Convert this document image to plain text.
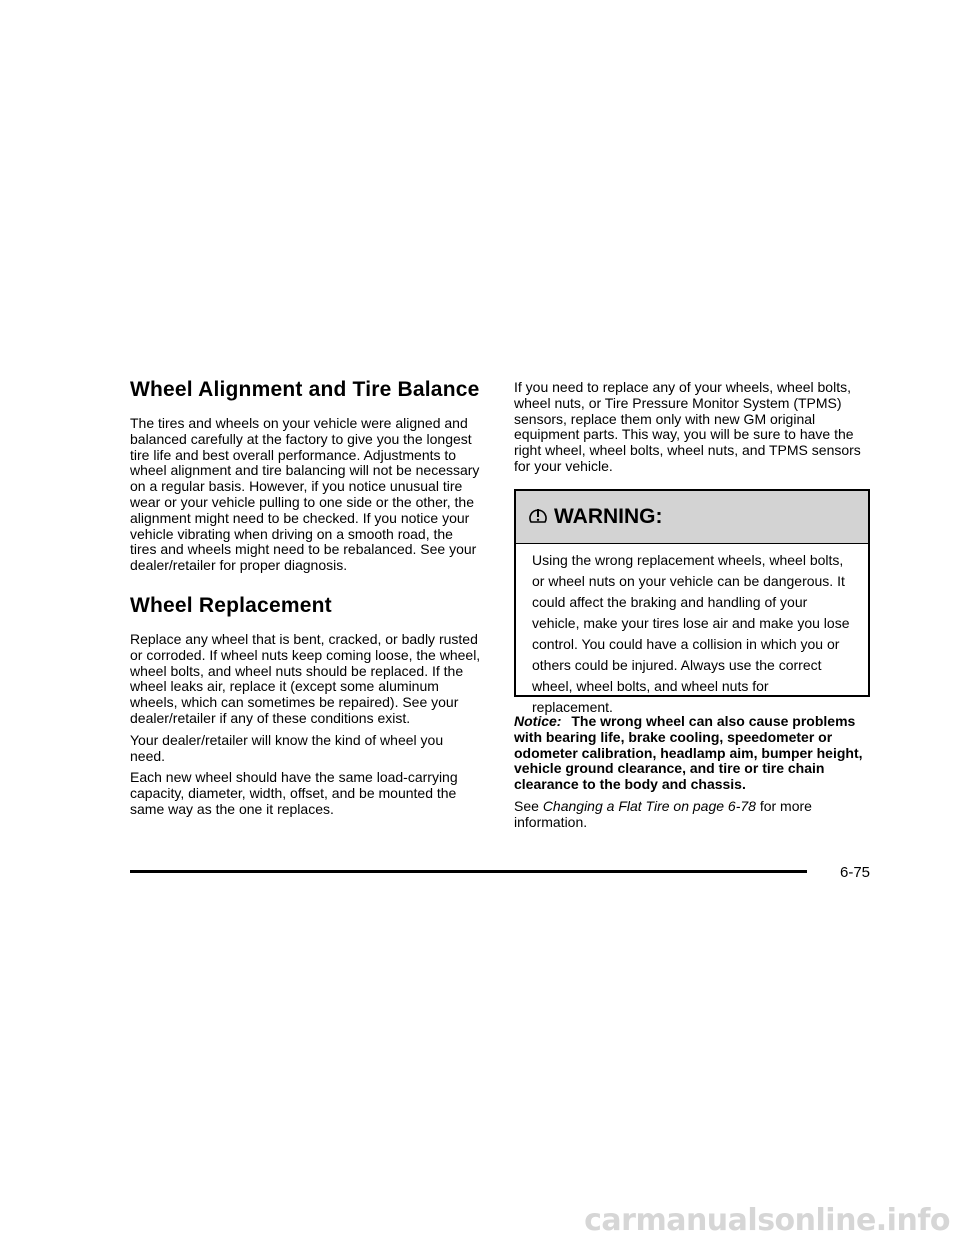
Wheel Alignment and Tire Balance

The tires and wheels on your vehicle were aligned and balanced carefully at the factory to give you the longest tire life and best overall performance. Adjustments to wheel alignment and tire balancing will not be necessary on a regular basis. However, if you notice unusual tire wear or your vehicle pulling to one side or the other, the alignment might need to be checked. If you notice your vehicle vibrating when driving on a smooth road, the tires and wheels might need to be rebalanced. See your dealer/retailer for proper diagnosis.

Wheel Replacement

Replace any wheel that is bent, cracked, or badly rusted or corroded. If wheel nuts keep coming loose, the wheel, wheel bolts, and wheel nuts should be replaced. If the wheel leaks air, replace it (except some aluminum wheels, which can sometimes be repaired). See your dealer/retailer if any of these conditions exist.

Your dealer/retailer will know the kind of wheel you need.

Each new wheel should have the same load-carrying capacity, diameter, width, offset, and be mounted the same way as the one it replaces.

If you need to replace any of your wheels, wheel bolts, wheel nuts, or Tire Pressure Monitor System (TPMS) sensors, replace them only with new GM original equipment parts. This way, you will be sure to have the right wheel, wheel bolts, wheel nuts, and TPMS sensors for your vehicle.

WARNING:
Using the wrong replacement wheels, wheel bolts, or wheel nuts on your vehicle can be dangerous. It could affect the braking and handling of your vehicle, make your tires lose air and make you lose control. You could have a collision in which you or others could be injured. Always use the correct wheel, wheel bolts, and wheel nuts for replacement.

Notice: The wrong wheel can also cause problems with bearing life, brake cooling, speedometer or odometer calibration, headlamp aim, bumper height, vehicle ground clearance, and tire or tire chain clearance to the body and chassis.

See Changing a Flat Tire on page 6-78 for more information.

6-75
carmanualsonline.info
